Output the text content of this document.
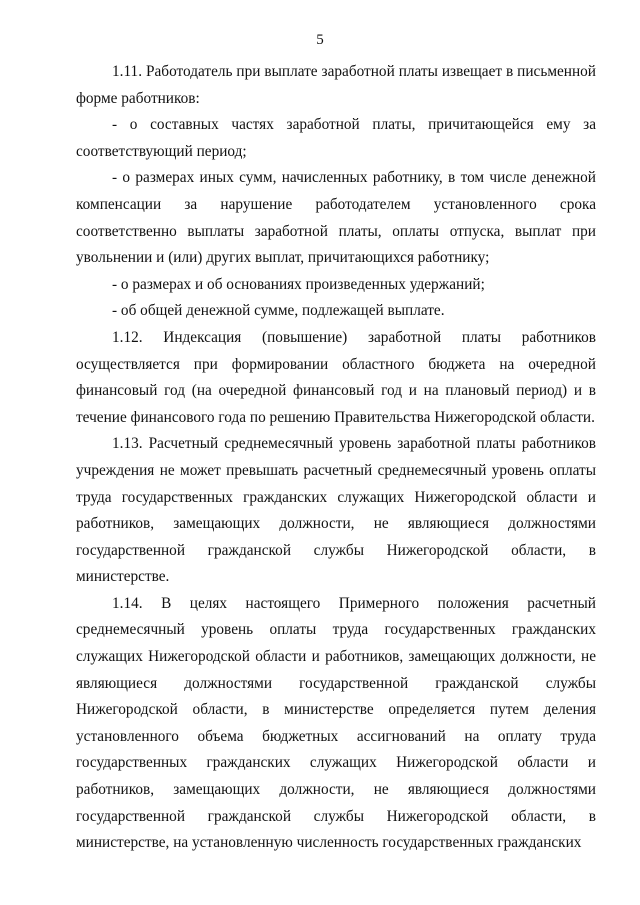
5

1.11. Работодатель при выплате заработной платы извещает в письменной форме работников:

- о составных частях заработной платы, причитающейся ему за соответствующий период;

- о размерах иных сумм, начисленных работнику, в том числе денежной компенсации за нарушение работодателем установленного срока соответственно выплаты заработной платы, оплаты отпуска, выплат при увольнении и (или) других выплат, причитающихся работнику;

- о размерах и об основаниях произведенных удержаний;

- об общей денежной сумме, подлежащей выплате.

1.12. Индексация (повышение) заработной платы работников осуществляется при формировании областного бюджета на очередной финансовый год (на очередной финансовый год и на плановый период) и в течение финансового года по решению Правительства Нижегородской области.

1.13. Расчетный среднемесячный уровень заработной платы работников учреждения не может превышать расчетный среднемесячный уровень оплаты труда государственных гражданских служащих Нижегородской области и работников, замещающих должности, не являющиеся должностями государственной гражданской службы Нижегородской области, в министерстве.

1.14. В целях настоящего Примерного положения расчетный среднемесячный уровень оплаты труда государственных гражданских служащих Нижегородской области и работников, замещающих должности, не являющиеся должностями государственной гражданской службы Нижегородской области, в министерстве определяется путем деления установленного объема бюджетных ассигнований на оплату труда государственных гражданских служащих Нижегородской области и работников, замещающих должности, не являющиеся должностями государственной гражданской службы Нижегородской области, в министерстве, на установленную численность государственных гражданских
